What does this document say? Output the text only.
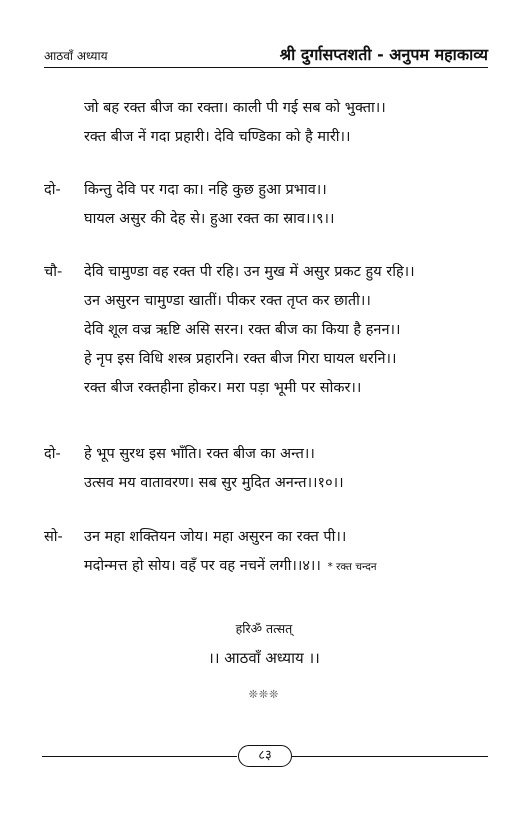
आठवाँ अध्याय	श्री दुर्गासप्तशती - अनुपम महाकाव्य
जो बह रक्त बीज का रक्ता। काली पी गई सब को भुक्ता।।
रक्त बीज नें गदा प्रहारी। देवि चण्डिका को है मारी।।
दो- किन्तु देवि पर गदा का। नहि कुछ हुआ प्रभाव।।
घायल असुर की देह से। हुआ रक्त का स्राव।।९।।
चौ- देवि चामुण्डा वह रक्त पी रहि। उन मुख में असुर प्रकट हुय रहि।।
उन असुरन चामुण्डा खातीं। पीकर रक्त तृप्त कर छाती।।
देवि शूल वज्र ऋष्टि असि सरन। रक्त बीज का किया है हनन।।
हे नृप इस विधि शस्त्र प्रहारनि। रक्त बीज गिरा घायल धरनि।।
रक्त बीज रक्तहीना होकर। मरा पड़ा भूमी पर सोकर।।
दो- हे भूप सुरथ इस भाँति। रक्त बीज का अन्त।।
उत्सव मय वातावरण। सब सुर मुदित अनन्त।।१०।।
सो- उन महा शक्तियन जोय। महा असुरन का रक्त पी।।
मदोन्मत्त हो सोय। वहँ पर वह नचनें लगी।।४।। * रक्त चन्दन
हरिॐ तत्सत्
।। आठवाँ अध्याय ।।
❊❊❊
८३
